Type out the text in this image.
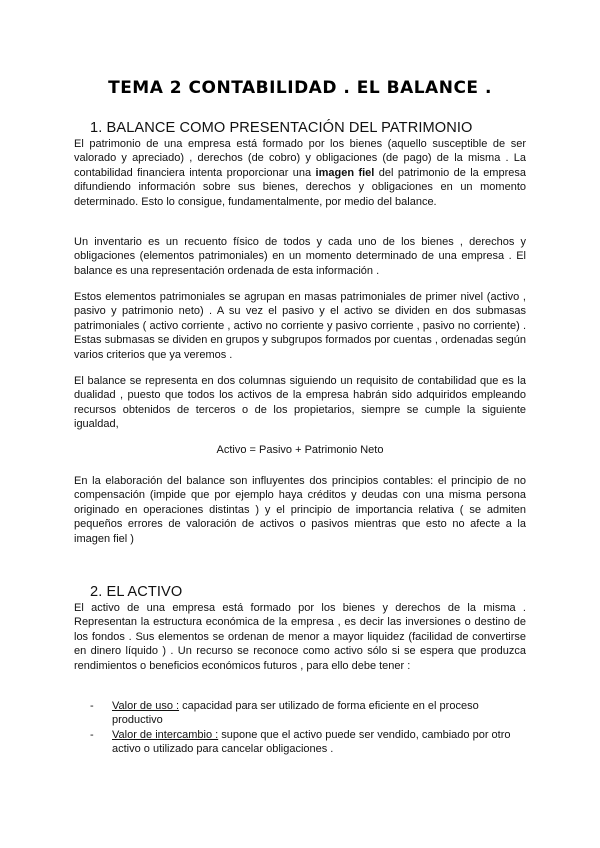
TEMA 2 CONTABILIDAD . EL BALANCE .
1. BALANCE COMO PRESENTACIÓN DEL PATRIMONIO
El patrimonio de una empresa está formado por los bienes (aquello susceptible de ser valorado y apreciado) , derechos (de cobro) y obligaciones (de pago) de la misma . La contabilidad financiera intenta proporcionar una imagen fiel del patrimonio de la empresa difundiendo información sobre sus bienes, derechos y obligaciones en un momento determinado. Esto lo consigue, fundamentalmente, por medio del balance.
Un inventario es un recuento físico de todos y cada uno de los bienes , derechos y obligaciones (elementos patrimoniales) en un momento determinado de una empresa . El balance es una representación ordenada de esta información .
Estos elementos patrimoniales se agrupan en masas patrimoniales de primer nivel (activo , pasivo y patrimonio neto) . A su vez el pasivo y el activo se dividen en dos submasas patrimoniales ( activo corriente , activo no corriente y pasivo corriente , pasivo no corriente) . Estas submasas se dividen en grupos y subgrupos formados por cuentas , ordenadas según varios criterios que ya veremos .
El balance se representa en dos columnas siguiendo un requisito de contabilidad que es la dualidad , puesto que todos los activos de la empresa habrán sido adquiridos empleando recursos obtenidos de terceros o de los propietarios, siempre se cumple la siguiente igualdad,
Activo = Pasivo + Patrimonio Neto
En la elaboración del balance son influyentes dos principios contables: el principio de no compensación (impide que por ejemplo haya créditos y deudas con una misma persona originado en operaciones distintas ) y el principio de importancia relativa ( se admiten pequeños errores de valoración de activos o pasivos mientras que esto no afecte a la imagen fiel )
2. EL ACTIVO
El activo de una empresa está formado por los bienes y derechos de la misma . Representan la estructura económica de la empresa , es decir las inversiones o destino de los fondos . Sus elementos se ordenan de menor a mayor liquidez (facilidad de convertirse en dinero líquido ) . Un recurso se reconoce como activo sólo si se espera que produzca rendimientos o beneficios económicos futuros , para ello debe tener :
-	Valor de uso : capacidad para ser utilizado de forma eficiente en el proceso productivo
-	Valor de intercambio : supone que el activo puede ser vendido, cambiado por otro activo o utilizado para cancelar obligaciones .
